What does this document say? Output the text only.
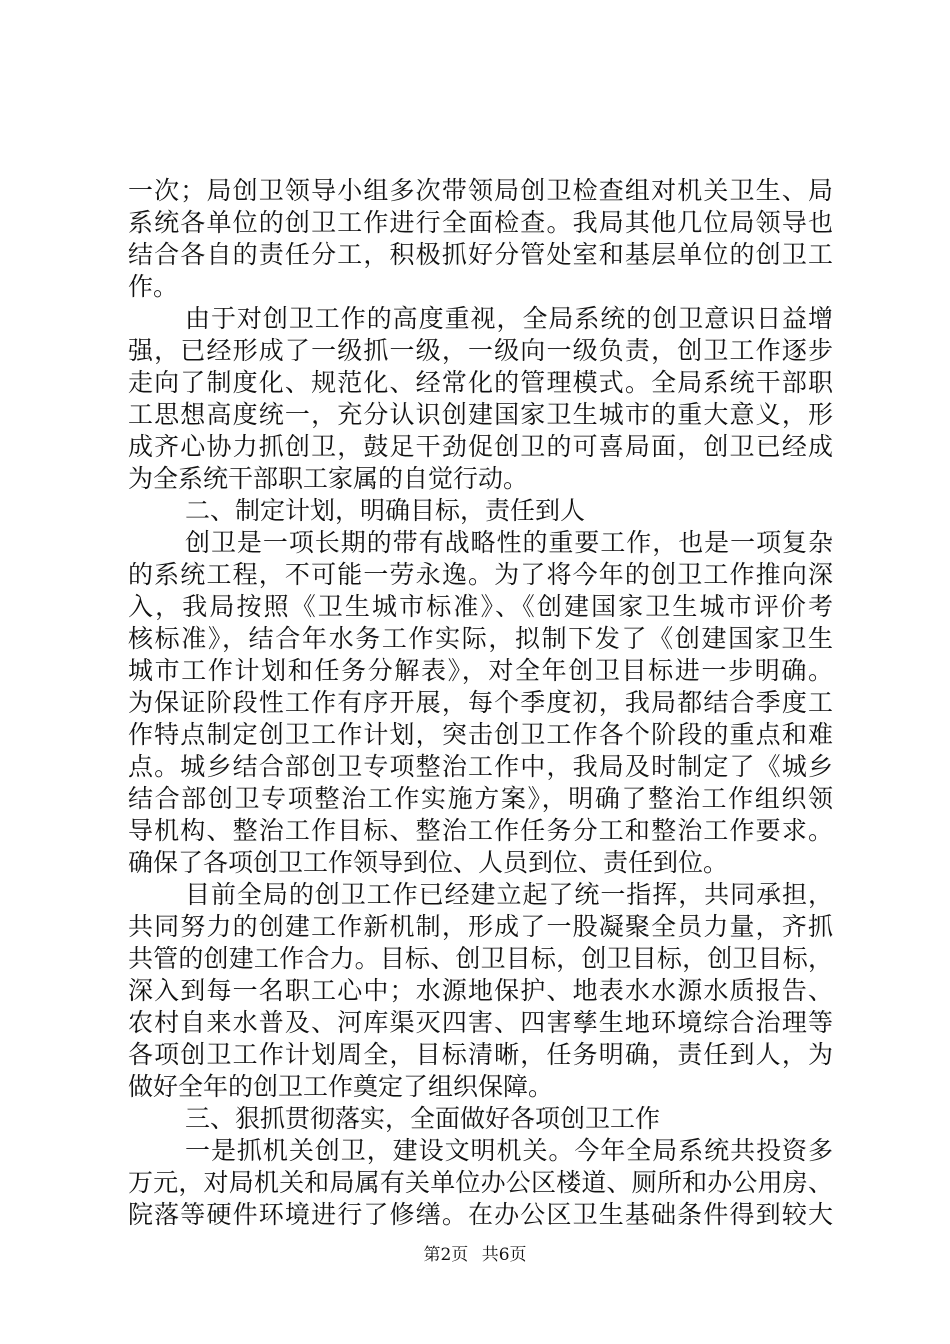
一次；局创卫领导小组多次带领局创卫检查组对机关卫生、局
系统各单位的创卫工作进行全面检查。我局其他几位局领导也
结合各自的责任分工，积极抓好分管处室和基层单位的创卫工
作。
由于对创卫工作的高度重视，全局系统的创卫意识日益增
强，已经形成了一级抓一级，一级向一级负责，创卫工作逐步
走向了制度化、规范化、经常化的管理模式。全局系统干部职
工思想高度统一，充分认识创建国家卫生城市的重大意义，形
成齐心协力抓创卫，鼓足干劲促创卫的可喜局面，创卫已经成
为全系统干部职工家属的自觉行动。
二、制定计划，明确目标，责任到人
创卫是一项长期的带有战略性的重要工作，也是一项复杂
的系统工程，不可能一劳永逸。为了将今年的创卫工作推向深
入，我局按照《卫生城市标准》、《创建国家卫生城市评价考
核标准》，结合年水务工作实际，拟制下发了《创建国家卫生
城市工作计划和任务分解表》，对全年创卫目标进一步明确。
为保证阶段性工作有序开展，每个季度初，我局都结合季度工
作特点制定创卫工作计划，突击创卫工作各个阶段的重点和难
点。城乡结合部创卫专项整治工作中，我局及时制定了《城乡
结合部创卫专项整治工作实施方案》，明确了整治工作组织领
导机构、整治工作目标、整治工作任务分工和整治工作要求。
确保了各项创卫工作领导到位、人员到位、责任到位。
目前全局的创卫工作已经建立起了统一指挥，共同承担，
共同努力的创建工作新机制，形成了一股凝聚全员力量，齐抓
共管的创建工作合力。目标、创卫目标，创卫目标，创卫目标，
深入到每一名职工心中；水源地保护、地表水水源水质报告、
农村自来水普及、河库渠灭四害、四害孳生地环境综合治理等
各项创卫工作计划周全，目标清晰，任务明确，责任到人，为
做好全年的创卫工作奠定了组织保障。
三、狠抓贯彻落实，全面做好各项创卫工作
一是抓机关创卫，建设文明机关。今年全局系统共投资多
万元，对局机关和局属有关单位办公区楼道、厕所和办公用房、
院落等硬件环境进行了修缮。在办公区卫生基础条件得到较大
第2页 共6页
